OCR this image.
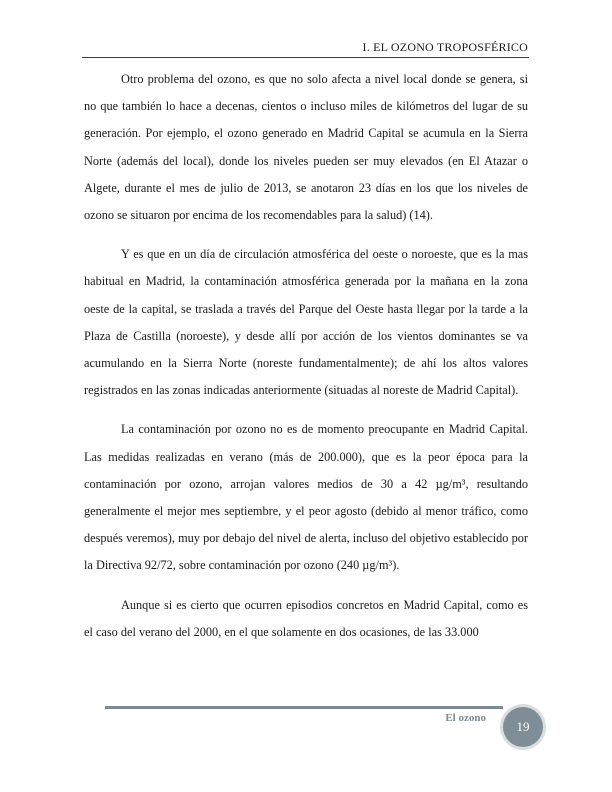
I. EL OZONO TROPOSFÉRICO

Otro problema del ozono, es que no solo afecta a nivel local donde se genera, si no que también lo hace a decenas, cientos o incluso miles de kilómetros del lugar de su generación. Por ejemplo, el ozono generado en Madrid Capital se acumula en la Sierra Norte (además del local), donde los niveles pueden ser muy elevados (en El Atazar o Algete, durante el mes de julio de 2013, se anotaron 23 días en los que los niveles de ozono se situaron por encima de los recomendables para la salud) (14).

Y es que en un día de circulación atmosférica del oeste o noroeste, que es la mas habitual en Madrid, la contaminación atmosférica generada por la mañana en la zona oeste de la capital, se traslada a través del Parque del Oeste hasta llegar por la tarde a la Plaza de Castilla (noroeste), y desde allí por acción de los vientos dominantes se va acumulando en la Sierra Norte (noreste fundamentalmente); de ahí los altos valores registrados en las zonas indicadas anteriormente (situadas al noreste de Madrid Capital).

La contaminación por ozono no es de momento preocupante en Madrid Capital. Las medidas realizadas en verano (más de 200.000), que es la peor época para la contaminación por ozono, arrojan valores medios de 30 a 42 µg/m³, resultando generalmente el mejor mes septiembre, y el peor agosto (debido al menor tráfico, como después veremos), muy por debajo del nivel de alerta, incluso del objetivo establecido por la Directiva 92/72, sobre contaminación por ozono (240 µg/m³).

Aunque si es cierto que ocurren episodios concretos en Madrid Capital, como es el caso del verano del 2000, en el que solamente en dos ocasiones, de las 33.000

El ozono
19
